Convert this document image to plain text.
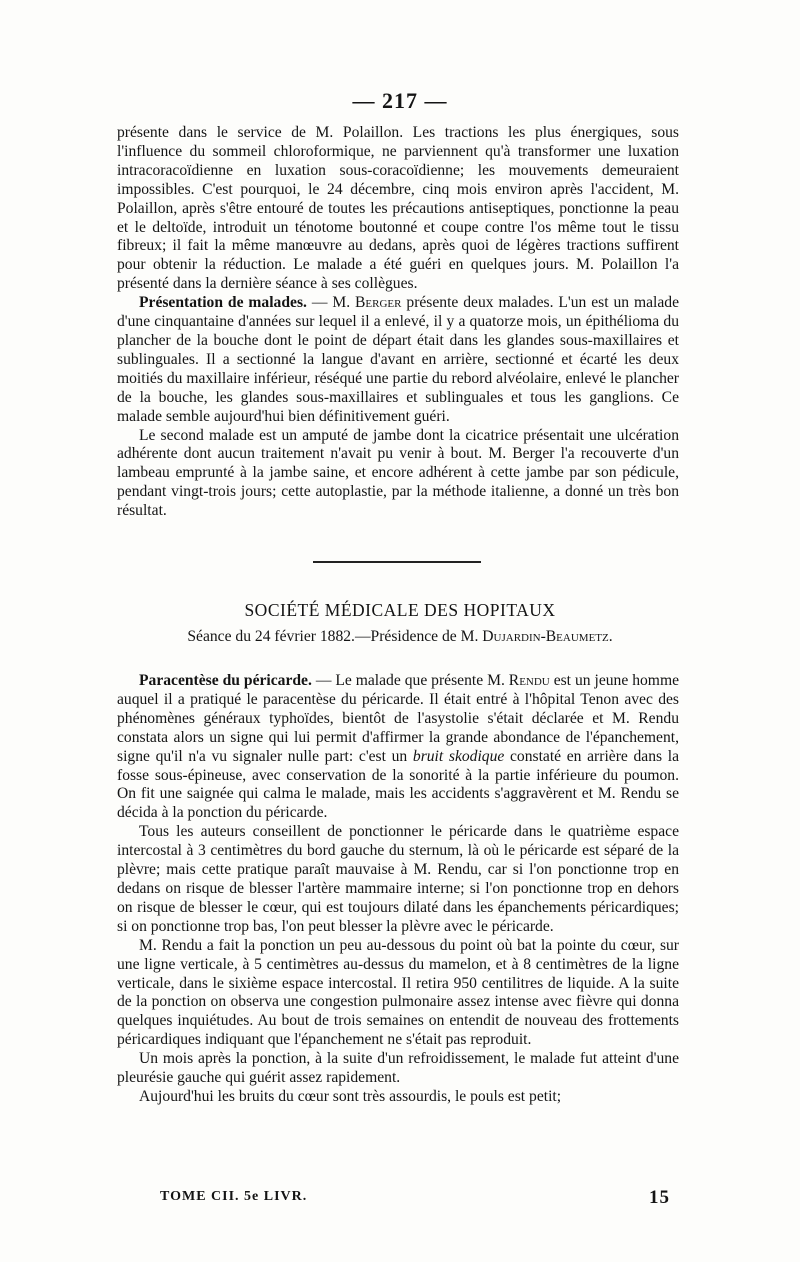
— 217 —

présente dans le service de M. Polaillon. Les tractions les plus énergiques, sous l'influence du sommeil chloroformique, ne parviennent qu'à transformer une luxation intracoracoïdienne en luxation sous-coracoïdienne; les mouvements demeuraient impossibles. C'est pourquoi, le 24 décembre, cinq mois environ après l'accident, M. Polaillon, après s'être entouré de toutes les précautions antiseptiques, ponctionne la peau et le deltoïde, introduit un ténotome boutonné et coupe contre l'os même tout le tissu fibreux; il fait la même manœuvre au dedans, après quoi de légères tractions suffirent pour obtenir la réduction. Le malade a été guéri en quelques jours. M. Polaillon l'a présenté dans la dernière séance à ses collègues.

Présentation de malades. — M. Berger présente deux malades. L'un est un malade d'une cinquantaine d'années sur lequel il a enlevé, il y a quatorze mois, un épithélioma du plancher de la bouche dont le point de départ était dans les glandes sous-maxillaires et sublinguales. Il a sectionné la langue d'avant en arrière, sectionné et écarté les deux moitiés du maxillaire inférieur, réséqué une partie du rebord alvéolaire, enlevé le plancher de la bouche, les glandes sous-maxillaires et sublinguales et tous les ganglions. Ce malade semble aujourd'hui bien définitivement guéri.

Le second malade est un amputé de jambe dont la cicatrice présentait une ulcération adhérente dont aucun traitement n'avait pu venir à bout. M. Berger l'a recouverte d'un lambeau emprunté à la jambe saine, et encore adhérent à cette jambe par son pédicule, pendant vingt-trois jours; cette autoplastie, par la méthode italienne, a donné un très bon résultat.

SOCIÉTÉ MÉDICALE DES HOPITAUX
Séance du 24 février 1882.—Présidence de M. Dujardin-Beaumetz.

Paracentèse du péricarde. — Le malade que présente M. Rendu est un jeune homme auquel il a pratiqué le paracentèse du péricarde. Il était entré à l'hôpital Tenon avec des phénomènes généraux typhoïdes, bientôt de l'asystolie s'était déclarée et M. Rendu constata alors un signe qui lui permit d'affirmer la grande abondance de l'épanchement, signe qu'il n'a vu signaler nulle part: c'est un bruit skodique constaté en arrière dans la fosse sous-épineuse, avec conservation de la sonorité à la partie inférieure du poumon. On fit une saignée qui calma le malade, mais les accidents s'aggravèrent et M. Rendu se décida à la ponction du péricarde.

Tous les auteurs conseillent de ponctionner le péricarde dans le quatrième espace intercostal à 3 centimètres du bord gauche du sternum, là où le péricarde est séparé de la plèvre; mais cette pratique paraît mauvaise à M. Rendu, car si l'on ponctionne trop en dedans on risque de blesser l'artère mammaire interne; si l'on ponctionne trop en dehors on risque de blesser le cœur, qui est toujours dilaté dans les épanchements péricardiques; si on ponctionne trop bas, l'on peut blesser la plèvre avec le péricarde.

M. Rendu a fait la ponction un peu au-dessous du point où bat la pointe du cœur, sur une ligne verticale, à 5 centimètres au-dessus du mamelon, et à 8 centimètres de la ligne verticale, dans le sixième espace intercostal. Il retira 950 centilitres de liquide. A la suite de la ponction on observa une congestion pulmonaire assez intense avec fièvre qui donna quelques inquiétudes. Au bout de trois semaines on entendit de nouveau des frottements péricardiques indiquant que l'épanchement ne s'était pas reproduit.

Un mois après la ponction, à la suite d'un refroidissement, le malade fut atteint d'une pleurésie gauche qui guérit assez rapidement.

Aujourd'hui les bruits du cœur sont très assourdis, le pouls est petit;

TOME CII. 5e LIVR.	15
